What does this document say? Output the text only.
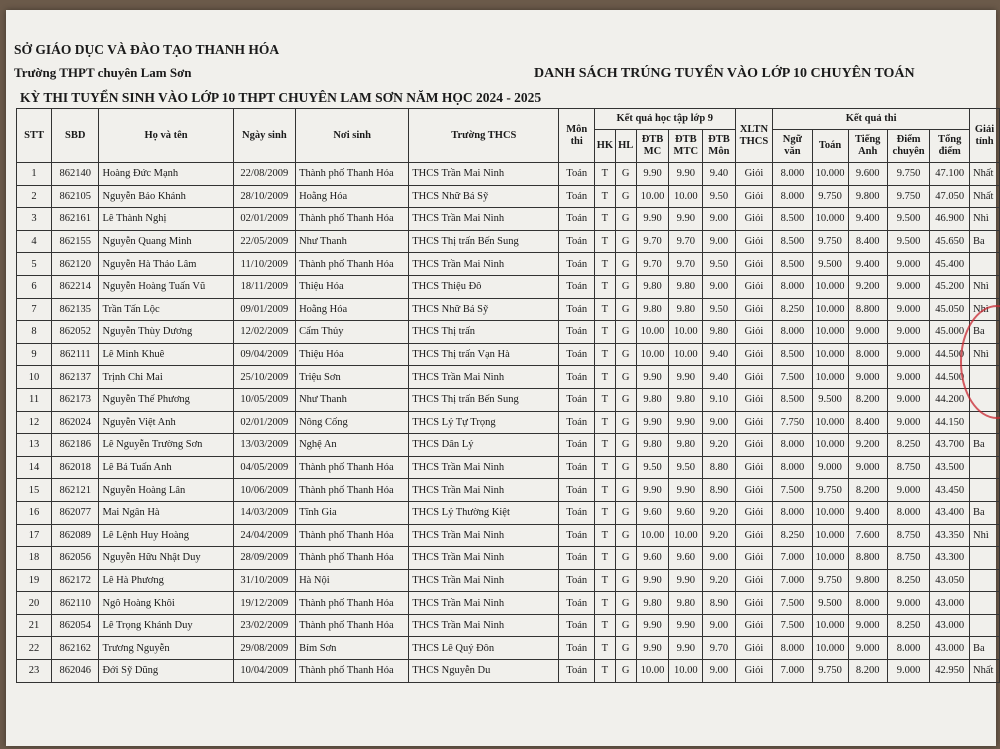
SỞ GIÁO DỤC VÀ ĐÀO TẠO THANH HÓA
Trường THPT chuyên Lam Sơn	DANH SÁCH TRÚNG TUYỂN VÀO LỚP 10 CHUYÊN TOÁN
KỲ THI TUYỂN SINH VÀO LỚP 10 THPT CHUYÊN LAM SƠN NĂM HỌC 2024 - 2025
STT	SBD	Họ và tên	Ngày sinh	Nơi sinh	Trường THCS	Môn thi	Kết quả học tập lớp 9					XLTN THCS	Kết quả thi					Giải tỉnh
							HK	HL	ĐTB MC	ĐTB MTC	ĐTB Môn		Ngữ văn	Toán	Tiếng Anh	Điểm chuyên	Tổng điểm	
1	862140	Hoàng Đức Mạnh	22/08/2009	Thành phố Thanh Hóa	THCS Trần Mai Ninh	Toán	T	G	9.90	9.90	9.40	Giỏi	8.000	10.000	9.600	9.750	47.100	Nhất
2	862105	Nguyễn Bảo Khánh	28/10/2009	Hoằng Hóa	THCS Nhữ Bá Sỹ	Toán	T	G	10.00	10.00	9.50	Giỏi	8.000	9.750	9.800	9.750	47.050	Nhất
3	862161	Lê Thành Nghị	02/01/2009	Thành phố Thanh Hóa	THCS Trần Mai Ninh	Toán	T	G	9.90	9.90	9.00	Giỏi	8.500	10.000	9.400	9.500	46.900	Nhì
4	862155	Nguyễn Quang Minh	22/05/2009	Như Thanh	THCS Thị trấn Bến Sung	Toán	T	G	9.70	9.70	9.00	Giỏi	8.500	9.750	8.400	9.500	45.650	Ba
5	862120	Nguyễn Hà Thảo Lâm	11/10/2009	Thành phố Thanh Hóa	THCS Trần Mai Ninh	Toán	T	G	9.70	9.70	9.50	Giỏi	8.500	9.500	9.400	9.000	45.400	
6	862214	Nguyễn Hoàng Tuấn Vũ	18/11/2009	Thiệu Hóa	THCS Thiệu Đô	Toán	T	G	9.80	9.80	9.00	Giỏi	8.000	10.000	9.200	9.000	45.200	Nhì
7	862135	Trần Tấn Lộc	09/01/2009	Hoằng Hóa	THCS Nhữ Bá Sỹ	Toán	T	G	9.80	9.80	9.50	Giỏi	8.250	10.000	8.800	9.000	45.050	Nhì
8	862052	Nguyễn Thùy Dương	12/02/2009	Cẩm Thủy	THCS Thị trấn	Toán	T	G	10.00	10.00	9.80	Giỏi	8.000	10.000	9.000	9.000	45.000	Ba
9	862111	Lê Minh Khuê	09/04/2009	Thiệu Hóa	THCS Thị trấn Vạn Hà	Toán	T	G	10.00	10.00	9.40	Giỏi	8.500	10.000	8.000	9.000	44.500	Nhì
10	862137	Trịnh Chi Mai	25/10/2009	Triệu Sơn	THCS Trần Mai Ninh	Toán	T	G	9.90	9.90	9.40	Giỏi	7.500	10.000	9.000	9.000	44.500	
11	862173	Nguyễn Thế Phương	10/05/2009	Như Thanh	THCS Thị trấn Bến Sung	Toán	T	G	9.80	9.80	9.10	Giỏi	8.500	9.500	8.200	9.000	44.200	
12	862024	Nguyễn Việt Anh	02/01/2009	Nông Cống	THCS Lý Tự Trọng	Toán	T	G	9.90	9.90	9.00	Giỏi	7.750	10.000	8.400	9.000	44.150	
13	862186	Lê Nguyễn Trường Sơn	13/03/2009	Nghệ An	THCS Dân Lý	Toán	T	G	9.80	9.80	9.20	Giỏi	8.000	10.000	9.200	8.250	43.700	Ba
14	862018	Lê Bá Tuấn Anh	04/05/2009	Thành phố Thanh Hóa	THCS Trần Mai Ninh	Toán	T	G	9.50	9.50	8.80	Giỏi	8.000	9.000	9.000	8.750	43.500	
15	862121	Nguyễn Hoàng Lân	10/06/2009	Thành phố Thanh Hóa	THCS Trần Mai Ninh	Toán	T	G	9.90	9.90	8.90	Giỏi	7.500	9.750	8.200	9.000	43.450	
16	862077	Mai Ngân Hà	14/03/2009	Tĩnh Gia	THCS Lý Thường Kiệt	Toán	T	G	9.60	9.60	9.20	Giỏi	8.000	10.000	9.400	8.000	43.400	Ba
17	862089	Lê Lệnh Huy Hoàng	24/04/2009	Thành phố Thanh Hóa	THCS Trần Mai Ninh	Toán	T	G	10.00	10.00	9.20	Giỏi	8.250	10.000	7.600	8.750	43.350	Nhì
18	862056	Nguyễn Hữu Nhật Duy	28/09/2009	Thành phố Thanh Hóa	THCS Trần Mai Ninh	Toán	T	G	9.60	9.60	9.00	Giỏi	7.000	10.000	8.800	8.750	43.300	
19	862172	Lê Hà Phương	31/10/2009	Hà Nội	THCS Trần Mai Ninh	Toán	T	G	9.90	9.90	9.20	Giỏi	7.000	9.750	9.800	8.250	43.050	
20	862110	Ngô Hoàng Khôi	19/12/2009	Thành phố Thanh Hóa	THCS Trần Mai Ninh	Toán	T	G	9.80	9.80	8.90	Giỏi	7.500	9.500	8.000	9.000	43.000	
21	862054	Lê Trọng Khánh Duy	23/02/2009	Thành phố Thanh Hóa	THCS Trần Mai Ninh	Toán	T	G	9.90	9.90	9.00	Giỏi	7.500	10.000	9.000	8.250	43.000	
22	862162	Trương Nguyễn	29/08/2009	Bỉm Sơn	THCS Lê Quý Đôn	Toán	T	G	9.90	9.90	9.70	Giỏi	8.000	10.000	9.000	8.000	43.000	Ba
23	862046	Đới Sỹ Dũng	10/04/2009	Thành phố Thanh Hóa	THCS Nguyễn Du	Toán	T	G	10.00	10.00	9.00	Giỏi	7.000	9.750	8.200	9.000	42.950	Nhất
